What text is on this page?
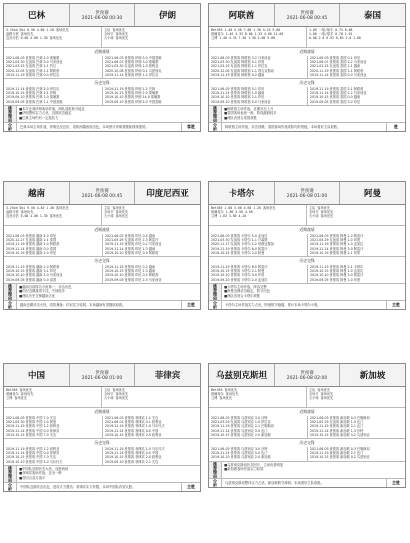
巴林	世预赛
2021-06-08 00:30	伊朗
3.25xd 5bi 8.50 4.60 1.28 客场优先
盘路分析 客场优先
近况评估 6.00 4.00 1.30 客场优先
主队 客场优先
全场平 客场优先
大小球 客场优先
近期战绩
2021-06-03 世预赛 巴林 1-0 柬埔寨
2021-03-30 友谊赛 巴林 3-0 马来西亚
2021-03-25 友谊赛 巴林 1-1 约旦
2020-12-05 友谊赛 巴林 1-1 阿联酋
2019-11-19 世预赛 巴林 0-0 伊拉克
2021-06-03 世预赛 伊朗 3-0 中国香港
2021-06-07 世预赛 伊朗 3-0 柬埔寨
2021-03-30 友谊赛 伊朗 1-0 叙利亚
2020-10-08 世预赛 伊朗 0-1 乌兹别克
2019-11-14 世预赛 伊朗 1-2 伊拉克
历史交锋
2019-11-14 世预赛 巴林 2-0 伊拉克
2019-10-15 世预赛 巴林 1-1 伊朗
2019-09-10 世预赛 巴林 1-0 柬埔寨
2019-09-05 世预赛 巴林 1-1 中国香港
2019-11-19 世预赛 伊朗 1-2 巴林
2019-10-15 世预赛 伊朗 2-0 柬埔寨
2019-10-10 世预赛 伊朗 14-0 柬埔寨
2019-09-10 世预赛 伊朗 2-0 中国香港
推荐理由	■本次比赛伊朗客场作战，两队同组积分接近
■伊朗整体实力占优，近期状态稳定
■巴林主场仍有一定抵抗力
分析	巴林本场主场作战，伊朗近况良好，攻防两端表现出色，本场预计伊朗将继续保持强势。	客胜
阿联酋	世预赛
2021-06-08 00:45	泰国
Bet365 1.40 4.50 7.00 1.30 5.25 9.00
威廉希尔 1.40 4.33 8.00 1.33 4.60 11.00
立博 1.40 4.33 7.50 1.30 5.00 9.00
1.09 一球/球半 0.75 0.88
1.06 一球/球半 0.78 1.01
0.00 2.0 0.92 0.83 2.0 1.00
近期战绩
2021-06-03 世预赛 阿联酋 3-2 马来西亚
2021-03-30 友谊赛 阿联酋 5-1 印度
2021-03-25 友谊赛 阿联酋 1-1 伊拉克
2020-12-05 友谊赛 阿联酋 1-1 塔吉克斯坦
2019-11-19 世预赛 阿联酋 0-2 越南
2021-06-03 世预赛 泰国 0-1 印尼
2021-06-07 世预赛 泰国 2-2 马来西亚
2021-03-25 友谊赛 泰国 1-1 越南
2020-11-19 世预赛 泰国 2-1 阿联酋
2019-11-14 世预赛 泰国 0-0 马来西亚
历史交锋
2021-06-03 世预赛 阿联酋 5-1 印尼
2019-11-14 世预赛 阿联酋 1-0 越南
2019-10-10 世预赛 阿联酋 2-1 印尼
2019-09-10 世预赛 阿联酋 5-0 马来西亚
2019-11-19 世预赛 泰国 2-1 阿联酋
2019-11-14 世预赛 泰国 1-2 马来西亚
2019-10-15 世预赛 泰国 0-0 越南
2019-09-05 世预赛 泰国 3-0 印尼
推荐理由	■阿联酋主场作战，近期状态上升
■泰国客场表现一般，防线漏洞较多
■两队首回合泰国获胜
分析	阿联酋主场作战，状态回暖；泰国客场作战攻防均有短板，本场看好主队取胜。	胜
越南	世预赛
2021-06-08 00:45	印度尼西亚
3.25xd 5bi 9.50 4.40 1.30 客场优先
盘路分析 客场优先
近况评估 6.00 4.00 1.30 客场优先
主队 客场优先
全场平 客场优先
大小球 客场优先
近期战绩
2021-06-03 世预赛 越南 4-0 印尼
2020-12-27 友谊赛 越南 2-1 泰国
2019-11-19 世预赛 越南 1-0 阿联酋
2019-11-14 世预赛 越南 0-0 泰国
2019-10-15 世预赛 越南 1-0 印尼
2021-06-03 世预赛 印尼 0-4 越南
2021-05-29 友谊赛 印尼 2-3 阿富汗
2019-11-19 世预赛 印尼 0-2 马来西亚
2019-11-14 世预赛 印尼 1-3 越南
2019-10-10 世预赛 印尼 0-5 阿联酋
历史交锋
2019-11-19 世预赛 越南 1-0 阿联酋
2019-10-15 世预赛 越南 3-1 印尼
2019-10-10 世预赛 越南 1-0 马来西亚
2019-09-05 世预赛 越南 0-0 泰国
2019-11-19 世预赛 印尼 0-2 越南
2019-10-15 世预赛 印尼 1-3 越南
2019-10-10 世预赛 印尼 0-5 阿联酋
2019-09-05 世预赛 印尼 2-3 马来西亚
推荐理由	■越南目前排名小组第一，状态出色
■印尼近期战绩不佳，失球较多
■两队历史交锋越南占优
分析	越南近期状态火热，攻防兼备；印尼实力较弱，本场越南有望继续取胜。	主胜
卡塔尔	世预赛
2021-06-08 01:00	阿曼
Bet365 1.80 3.60 4.60 1.20 客场优先
威廉希尔 1.80 3.50 4.50
立博 1.83 3.60 4.20
主队 客场优先
全场平 客场优先
大小球 客场优先
近期战绩
2021-06-03 世预赛 卡塔尔 5-0 孟加拉
2021-03-30 友谊赛 卡塔尔 1-1 卢森堡
2020-11-17 友谊赛 卡塔尔 1-2 哥斯达黎加
2019-11-19 世预赛 卡塔尔 6-0 阿富汗
2019-10-15 世预赛 卡塔尔 2-0 阿曼
2021-06-03 世预赛 阿曼 1-0 阿富汗
2021-05-29 友谊赛 阿曼 2-0 印度
2019-11-19 世预赛 阿曼 1-0 孟加拉
2019-11-14 世预赛 阿曼 3-0 阿富汗
2019-10-15 世预赛 阿曼 2-1 印度
历史交锋
2019-11-19 世预赛 卡塔尔 6-0 阿富汗
2019-10-15 世预赛 卡塔尔 2-1 阿曼
2019-10-10 世预赛 卡塔尔 0-0 印度
2019-09-10 世预赛 卡塔尔 2-0 孟加拉
2019-11-19 世预赛 阿曼 2-1 卡塔尔
2019-10-15 世预赛 阿曼 1-0 孟加拉
2019-10-10 世预赛 阿曼 3-0 阿富汗
2019-09-05 世预赛 阿曼 1-0 印度
推荐理由	■卡塔尔主场作战，阵容完整
■阿曼近期状态稳定，防守出色
■两队首回合卡塔尔获胜
分析	卡塔尔主场作战实力占优，阿曼防守稳健，预计本场卡塔尔小胜。	主胜
中国	世预赛
2021-06-08 01:00	菲律宾
Bet365 客场优先
威廉希尔 客场优先
立博 客场优先
主队 客场优先
全场平 客场优先
大小球 客场优先
近期战绩
2021-06-03 世预赛 中国 7-0 关岛
2021-05-30 世预赛 中国 2-0 阿曼
2019-11-19 世预赛 中国 1-2 叙利亚
2019-11-14 世预赛 中国 0-0 菲律宾
2019-10-15 世预赛 中国 7-0 关岛
2021-06-03 世预赛 菲律宾 1-1 关岛
2021-06-01 世预赛 菲律宾 0-1 叙利亚
2019-11-19 世预赛 菲律宾 1-0 马尔代夫
2019-11-14 世预赛 菲律宾 0-0 中国
2019-10-15 世预赛 菲律宾 2-5 叙利亚
历史交锋
2019-11-19 世预赛 中国 1-2 叙利亚
2019-11-14 世预赛 中国 0-0 菲律宾
2019-10-15 世预赛 中国 7-0 关岛
2019-10-10 世预赛 中国 5-0 马尔代夫
2019-11-19 世预赛 菲律宾 1-0 马尔代夫
2019-11-14 世预赛 菲律宾 0-0 中国
2019-10-15 世预赛 菲律宾 2-5 叙利亚
2019-09-10 世预赛 菲律宾 2-1 关岛
推荐理由	■中国队近期状态火热，连胜两场
■菲律宾客场作战，近况一般
■首回合双方战平
分析	中国队近期状态出色，进攻火力强劲；菲律宾实力有限，本场中国队有望大胜。	主胜
乌兹别克斯坦	世预赛
2021-06-08 02:00	新加坡
Bet365 客场优先
威廉希尔 客场优先
立博 客场优先
主队 客场优先
全场平 客场优先
大小球 客场优先
近期战绩
2021-06-03 世预赛 乌兹别克 3-0 沙特
2021-03-29 友谊赛 乌兹别克 1-0 伊拉克
2019-11-19 世预赛 乌兹别克 2-1 巴勒斯坦
2019-11-14 世预赛 乌兹别克 5-0 也门
2019-10-15 世预赛 乌兹别克 2-0 新加坡
2021-06-03 世预赛 新加坡 0-3 巴勒斯坦
2021-05-29 友谊赛 新加坡 1-0 也门
2019-11-19 世预赛 新加坡 2-1 也门
2019-11-14 世预赛 新加坡 1-3 沙特
2019-10-15 世预赛 新加坡 0-2 乌兹别克
历史交锋
2021-06-03 世预赛 乌兹别克 3-0 沙特
2019-11-14 世预赛 乌兹别克 5-0 也门
2019-10-10 世预赛 乌兹别克 2-0 新加坡
2021-06-03 世预赛 新加坡 0-3 巴勒斯坦
2019-11-19 世预赛 新加坡 2-1 也门
2019-10-15 世预赛 新加坡 0-2 乌兹别克
推荐理由	■乌兹别克斯坦状态回升，主场优势明显
■新加坡客场作战实力较弱
分析	乌兹别克斯坦整体实力占优，新加坡防守薄弱，本场看好主队取胜。	主胜
